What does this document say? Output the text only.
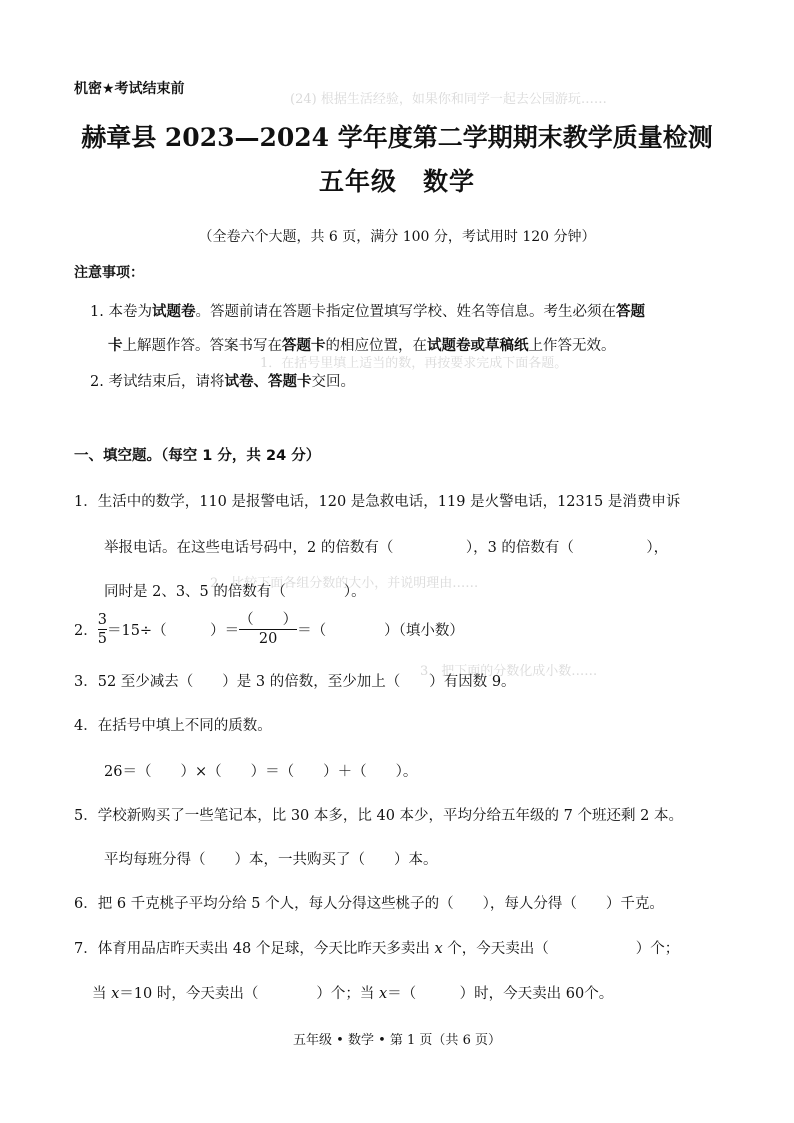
(24) 根据生活经验，如果你和同学一起去公园游玩……
1．在括号里填上适当的数，再按要求完成下面各题。
2．比较下面各组分数的大小，并说明理由……
3．把下面的分数化成小数……
机密★考试结束前
赫章县 2023—2024 学年度第二学期期末教学质量检测
五年级　数学
（全卷六个大题，共 6 页，满分 100 分，考试用时 120 分钟）
注意事项：
1. 本卷为试题卷。答题前请在答题卡指定位置填写学校、姓名等信息。考生必须在答题
卡上解题作答。答案书写在答题卡的相应位置，在试题卷或草稿纸上作答无效。
2. 考试结束后，请将试卷、答题卡交回。
一、填空题。（每空 1 分，共 24 分）
1．生活中的数学，110 是报警电话，120 是急救电话，119 是火警电话，12315 是消费申诉
举报电话。在这些电话号码中，2 的倍数有（　　　　　），3 的倍数有（　　　　　），
同时是 2、3、5 的倍数有（　　　　）。
2． $\frac{3}{5} =15\div$（　　　）＝ $\frac{( )}{20}$ ＝（　　　　）（填小数）
3．52 至少减去（　　）是 3 的倍数，至少加上（　　）有因数 9。
4．在括号中填上不同的质数。
26＝（　　）×（　　）＝（　　）＋（　　）。
5．学校新购买了一些笔记本，比 30 本多，比 40 本少，平均分给五年级的 7 个班还剩 2 本。
平均每班分得（　　）本，一共购买了（　　）本。
6．把 6 千克桃子平均分给 5 个人，每人分得这些桃子的（　　），每人分得（　　）千克。
7．体育用品店昨天卖出 48 个足球，今天比昨天多卖出 x 个，今天卖出（　　　　　　）个；
当 x＝10 时，今天卖出（　　　　）个；当 x＝（　　　）时，今天卖出 60个。
五年级 • 数学 • 第 1 页（共 6 页）
